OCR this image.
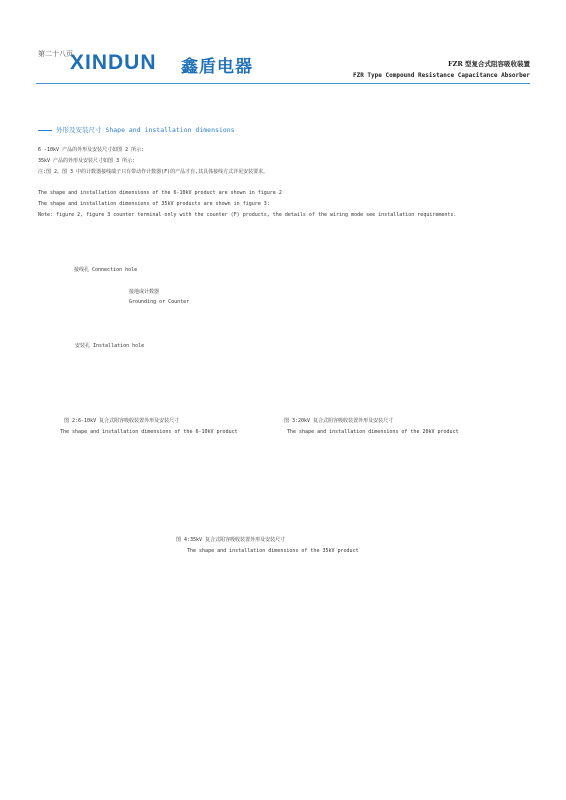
第二十八页
XINDUN 鑫盾电器	FZR 型复合式阻容吸收装置
FZR Type Compound Resistance Capacitance Absorber
外形及安装尺寸 Shape and installation dimensions
6 -10kV 产品的外形及安装尺寸如图 2 所示:
35kV 产品的外形及安装尺寸如图 3 所示:
注:图 2、图 3 中的计数器接线端子只有带动作计数器(F)的产品才有,其具体接线方式详见安装要求。
The shape and installation dimensions of the 6-10kV product are shown in figure 2
The shape and installation dimensions of 35kV products are shown in figure 3:
Note: figure 2, figure 3 counter terminal only with the counter (F) products, the details of the wiring mode see installation requirements.
接线孔 Connection hole
接地或计数器
Grounding or Counter
安装孔 Installation hole
图 2:6-10kV 复合式阻容吸收装置外形及安装尺寸
The shape and installation dimensions of the 6-10kV product
图 3:20kV 复合式阻容吸收装置外形及安装尺寸
The shape and installation dimensions of the 20kV product
图 4:35kV 复合式阻容吸收装置外形及安装尺寸
The shape and installation dimensions of the 35kV product
